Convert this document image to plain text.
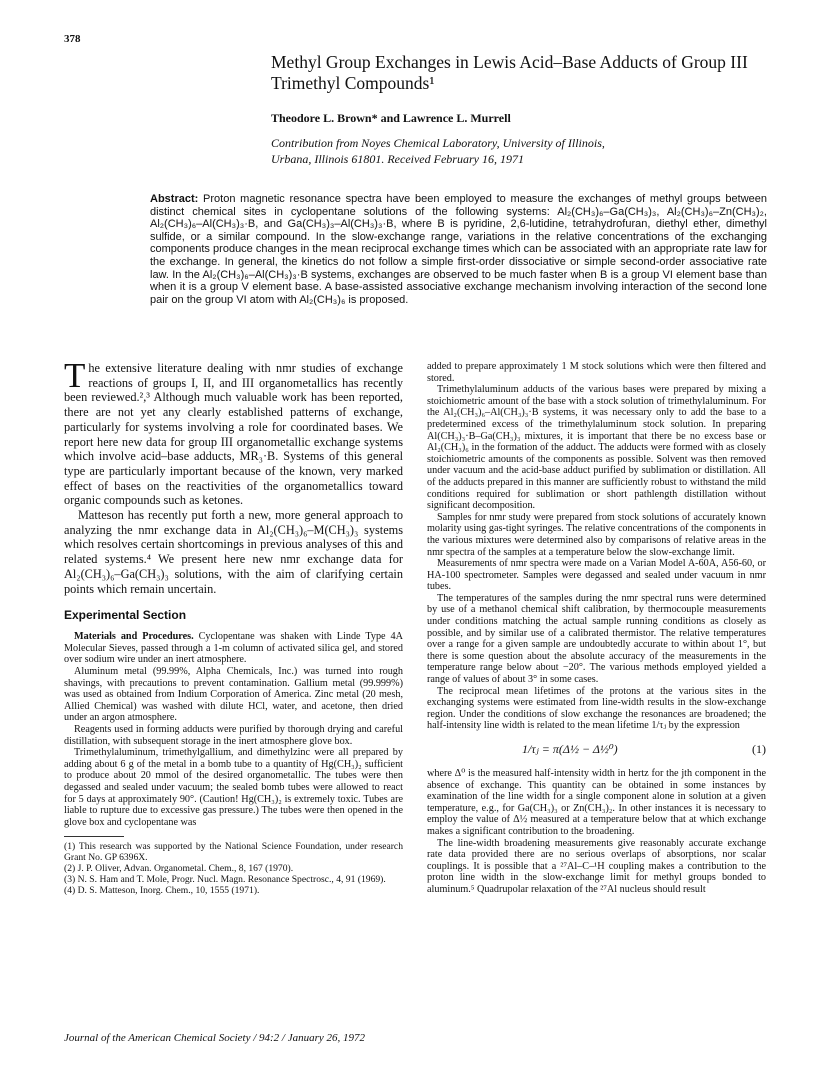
378
Methyl Group Exchanges in Lewis Acid–Base Adducts of Group III Trimethyl Compounds¹
Theodore L. Brown* and Lawrence L. Murrell
Contribution from Noyes Chemical Laboratory, University of Illinois,
Urbana, Illinois 61801. Received February 16, 1971
Abstract: Proton magnetic resonance spectra have been employed to measure the exchanges of methyl groups between distinct chemical sites in cyclopentane solutions of the following systems: Al₂(CH₃)₆–Ga(CH₃)₃, Al₂(CH₃)₆–Zn(CH₃)₂, Al₂(CH₃)₆–Al(CH₃)₃·B, and Ga(CH₃)₃–Al(CH₃)₃·B, where B is pyridine, 2,6-lutidine, tetrahydrofuran, diethyl ether, dimethyl sulfide, or a similar compound. In the slow-exchange range, variations in the relative concentrations of the exchanging components produce changes in the mean reciprocal exchange times which can be associated with an appropriate rate law for the exchange. In general, the kinetics do not follow a simple first-order dissociative or simple second-order associative rate law. In the Al₂(CH₃)₆–Al(CH₃)₃·B systems, exchanges are observed to be much faster when B is a group VI element base than when it is a group V element base. A base-assisted associative exchange mechanism involving interaction of the second lone pair on the group VI atom with Al₂(CH₃)₆ is proposed.

The extensive literature dealing with nmr studies of exchange reactions of groups I, II, and III organometallics has recently been reviewed.²,³ Although much valuable work has been reported, there are not yet any clearly established patterns of exchange, particularly for systems involving a role for coordinated bases. We report here new data for group III organometallic exchange systems which involve acid–base adducts, MR₃·B. Systems of this general type are particularly important because of the known, very marked effect of bases on the reactivities of the organometallics toward organic compounds such as ketones.

Matteson has recently put forth a new, more general approach to analyzing the nmr exchange data in Al₂(CH₃)₆–M(CH₃)₃ systems which resolves certain shortcomings in previous analyses of this and related systems.⁴ We present here new nmr exchange data for Al₂(CH₃)₆–Ga(CH₃)₃ solutions, with the aim of clarifying certain points which remain uncertain.

Experimental Section

Materials and Procedures. Cyclopentane was shaken with Linde Type 4A Molecular Sieves, passed through a 1-m column of activated silica gel, and stored over sodium wire under an inert atmosphere.

Aluminum metal (99.99%, Alpha Chemicals, Inc.) was turned into rough shavings, with precautions to prevent contamination. Gallium metal (99.999%) was used as obtained from Indium Corporation of America. Zinc metal (20 mesh, Allied Chemical) was washed with dilute HCl, water, and acetone, then dried under an argon atmosphere.

Reagents used in forming adducts were purified by thorough drying and careful distillation, with subsequent storage in the inert atmosphere glove box.

Trimethylaluminum, trimethylgallium, and dimethylzinc were all prepared by adding about 6 g of the metal in a bomb tube to a quantity of Hg(CH₃)₂ sufficient to produce about 20 mmol of the desired organometallic. The tubes were then degassed and sealed under vacuum; the sealed bomb tubes were allowed to react for 5 days at approximately 90°. (Caution! Hg(CH₃)₂ is extremely toxic. Tubes are liable to rupture due to excessive gas pressure.) The tubes were then opened in the glove box and cyclopentane was

(1) This research was supported by the National Science Foundation, under research Grant No. GP 6396X.

(2) J. P. Oliver, Advan. Organometal. Chem., 8, 167 (1970).

(3) N. S. Ham and T. Mole, Progr. Nucl. Magn. Resonance Spectrosc., 4, 91 (1969).

(4) D. S. Matteson, Inorg. Chem., 10, 1555 (1971).

added to prepare approximately 1 M stock solutions which were then filtered and stored.

Trimethylaluminum adducts of the various bases were prepared by mixing a stoichiometric amount of the base with a stock solution of trimethylaluminum. For the Al₂(CH₃)₆–Al(CH₃)₃·B systems, it was necessary only to add the base to a predetermined excess of the trimethylaluminum stock solution. In preparing Al(CH₃)₃·B–Ga(CH₃)₃ mixtures, it is important that there be no excess base or Al₂(CH₃)₆ in the formation of the adduct. The adducts were formed with as closely stoichiometric amounts of the components as possible. Solvent was then removed under vacuum and the acid-base adduct purified by sublimation or distillation. All of the adducts prepared in this manner are sufficiently robust to withstand the mild conditions required for sublimation or short pathlength distillation without significant decomposition.

Samples for nmr study were prepared from stock solutions of accurately known molarity using gas-tight syringes. The relative concentrations of the components in the various mixtures were determined also by comparisons of relative areas in the nmr spectra of the samples at a temperature below the slow-exchange limit.

Measurements of nmr spectra were made on a Varian Model A-60A, A56-60, or HA-100 spectrometer. Samples were degassed and sealed under vacuum in nmr tubes.

The temperatures of the samples during the nmr spectral runs were determined by use of a methanol chemical shift calibration, by thermocouple measurements under conditions matching the actual sample running conditions as closely as possible, and by similar use of a calibrated thermistor. The relative temperatures over a range for a given sample are undoubtedly accurate to within about 1°, but there is some question about the absolute accuracy of the measurements in the temperature range below about −20°. The various methods employed yielded a range of values of about 3° in some cases.

The reciprocal mean lifetimes of the protons at the various sites in the exchanging systems were estimated from line-width results in the slow-exchange region. Under the conditions of slow exchange the resonances are broadened; the half-intensity line width is related to the mean lifetime 1/τⱼ by the expression

1/τⱼ = π(Δ½ − Δ½⁰)	(1)

where Δ⁰ is the measured half-intensity width in hertz for the jth component in the absence of exchange. This quantity can be obtained in some instances by examination of the line width for a single component alone in solution at a given temperature, e.g., for Ga(CH₃)₃ or Zn(CH₃)₂. In other instances it is necessary to employ the value of Δ½ measured at a temperature below that at which exchange makes a significant contribution to the broadening.

The line-width broadening measurements give reasonably accurate exchange rate data provided there are no serious overlaps of absorptions, nor scalar couplings. It is possible that a ²⁷Al–C–¹H coupling makes a contribution to the proton line width in the slow-exchange limit for methyl groups bonded to aluminum.⁵ Quadrupolar relaxation of the ²⁷Al nucleus should result

Journal of the American Chemical Society / 94:2 / January 26, 1972
